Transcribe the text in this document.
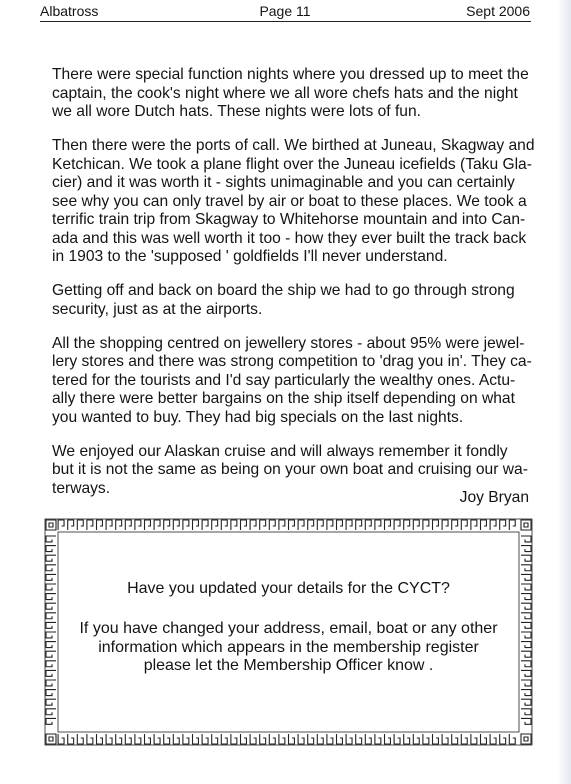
Albatross	Page 11	Sept 2006

There were special function nights where you dressed up to meet the
captain, the cook's night where we all wore chefs hats and the night
we all wore Dutch hats. These nights were lots of fun.

Then there were the ports of call. We birthed at Juneau, Skagway and
Ketchican. We took a plane flight over the Juneau icefields (Taku Gla-
cier) and it was worth it - sights unimaginable and you can certainly
see why you can only travel by air or boat to these places. We took a
terrific train trip from Skagway to Whitehorse mountain and into Can-
ada and this was well worth it too - how they ever built the track back
in 1903 to the 'supposed ' goldfields I'll never understand.

Getting off and back on board the ship we had to go through strong
security, just as at the airports.

All the shopping centred on jewellery stores - about 95% were jewel-
lery stores and there was strong competition to 'drag you in'. They ca-
tered for the tourists and I'd say particularly the wealthy ones. Actu-
ally there were better bargains on the ship itself depending on what
you wanted to buy. They had big specials on the last nights.

We enjoyed our Alaskan cruise and will always remember it fondly
but it is not the same as being on your own boat and cruising our wa-
terways.

Joy Bryan
Have you updated your details for the CYCT?
If you have changed your address, email, boat or any other
information which appears in the membership register
please let the Membership Officer know .
